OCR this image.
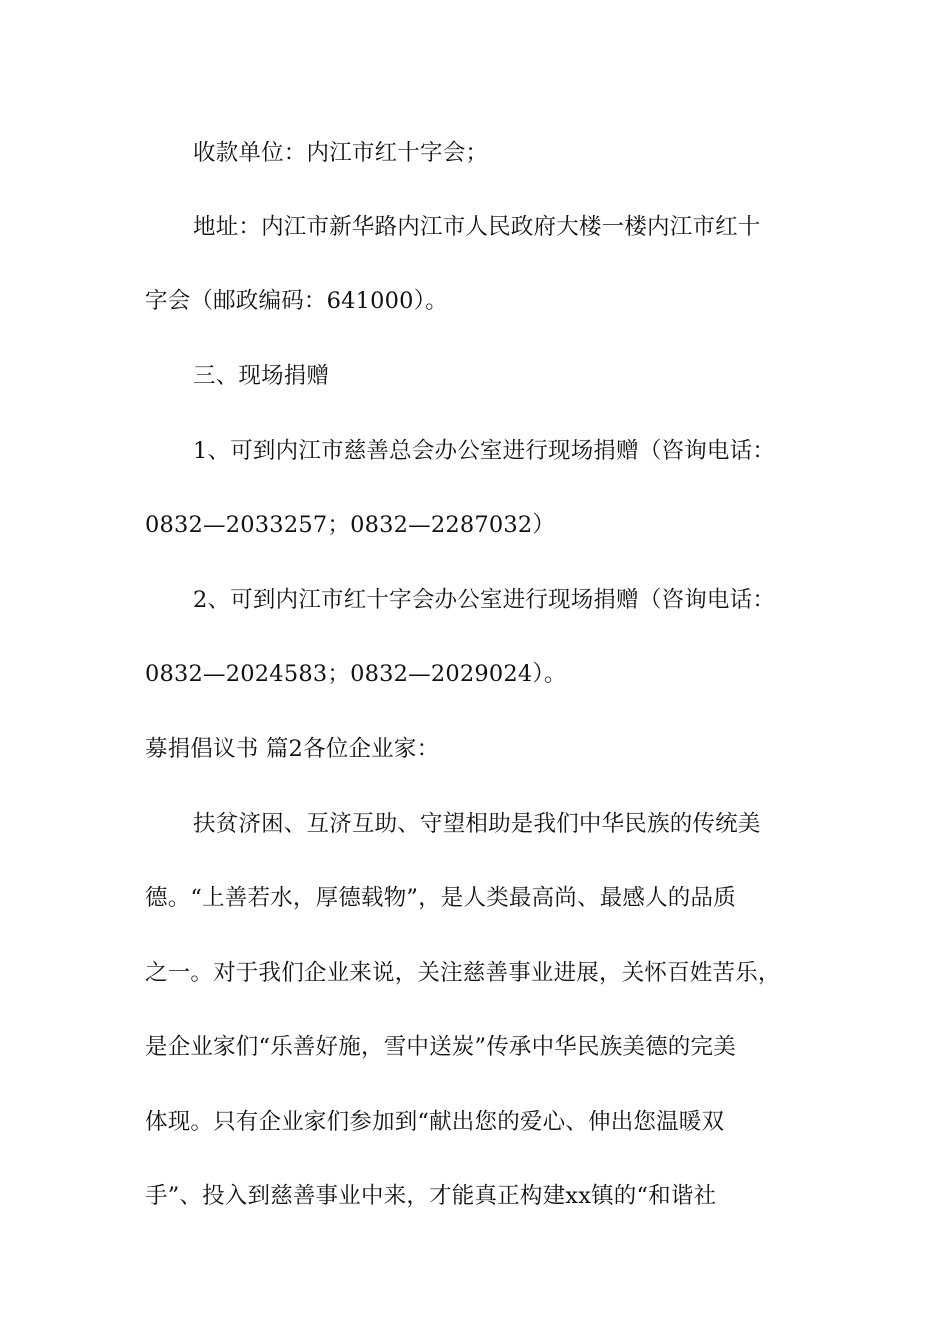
收款单位：内江市红十字会；
地址：内江市新华路内江市人民政府大楼一楼内江市红十
字会（邮政编码：641000）。
三、现场捐赠
1、可到内江市慈善总会办公室进行现场捐赠（咨询电话：
0832—2033257；0832—2287032）
2、可到内江市红十字会办公室进行现场捐赠（咨询电话：
0832—2024583；0832—2029024）。
募捐倡议书 篇2各位企业家：
扶贫济困、互济互助、守望相助是我们中华民族的传统美
德。“上善若水，厚德载物”，是人类最高尚、最感人的品质
之一。对于我们企业来说，关注慈善事业进展，关怀百姓苦乐，
是企业家们“乐善好施，雪中送炭”传承中华民族美德的完美
体现。只有企业家们参加到“献出您的爱心、伸出您温暖双
手”、投入到慈善事业中来，才能真正构建xx镇的“和谐社
